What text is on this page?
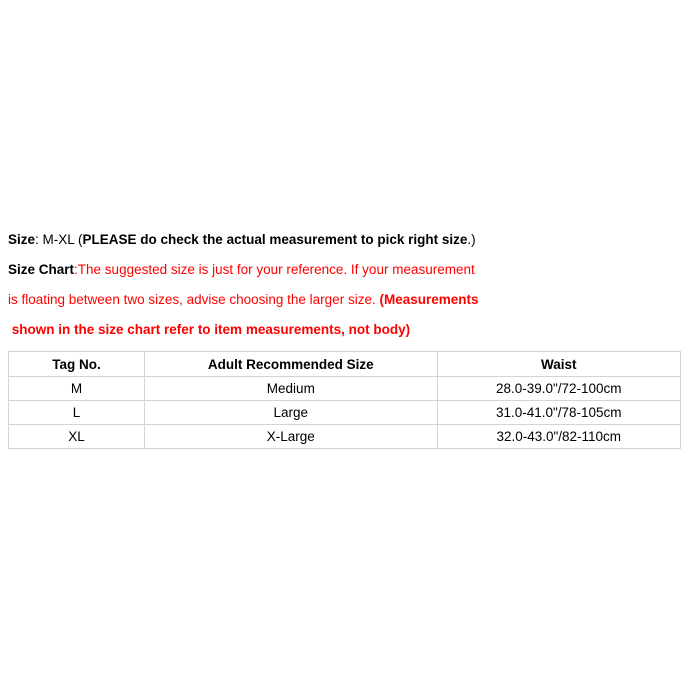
Size: M-XL (PLEASE do check the actual measurement to pick right size.)
Size Chart:The suggested size is just for your reference. If your measurement
is floating between two sizes, advise choosing the larger size. (Measurements
shown in the size chart refer to item measurements, not body)
Tag No.	Adult Recommended Size	Waist
M	Medium	28.0-39.0"/72-100cm
L	Large	31.0-41.0"/78-105cm
XL	X-Large	32.0-43.0"/82-110cm
